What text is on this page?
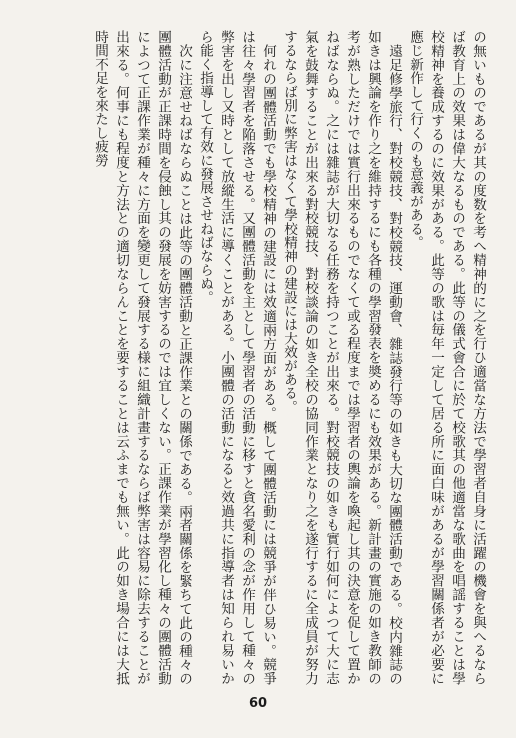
の無いものであるが其の度数を考へ精神的に之を行ひ適當な方法で學習者自身に活躍の機會を與へるならば教育上の效果は偉大なるものである。此等の儀式會合に於て校歌其の他適當な歌曲を唱謡することは學校精神を養成するのに效果がある。此等の歌は毎年一定して居る所に面白味があるが學習關係者が必要に應じ新作して行くのも意義がある。

遠足修學旅行、對校競技、對校競技、運動會、雜誌發行等の如きも大切な團體活動である。校内雜誌の如きは興論を作り之を維持するにも各種の學習發表を奬めるにも效果がある。新計畫の實施の如き教師の考が熟しただけでは實行出來るものでなくて或る程度までは學習者の輿論を喚起し其の決意を促して置かねばならぬ。之には雜誌が大切なる任務を持つことが出來る。對校競技の如きも實行如何によつて大に志氣を鼓舞することが出來る對校競技、對校談論の如き全校の協同作業となり之を遂行するに全成員が努力するならば別に弊害はなくて學校精神の建設には大效がある。

何れの團體活動でも學校精神の建設には效適兩方面がある。概して團體活動には競爭が伴ひ易い。競爭は往々學習者を陥落させる。又團體活動を主として學習者の活動に移すと貪名愛利の念が作用して種々の弊害を出し又時として放縱生活に導くことがある。小團體の活動になると效過共に指導者は知られ易いから能く指導して有效に發展させねばならぬ。

次に注意せねばならぬことは此等の團體活動と正課作業との關係である。兩者關係を緊ちて此の種々の團體活動が正課時間を侵蝕し其の發展を妨害するのでは宜しくない。正課作業が學習化し種々の團體活動によつて正課作業が種々に方面を變更して發展する様に組織計畫するならば弊害は容易に除去することが出來る。何事にも程度と方法との適切ならんことを要することは云ふまでも無い。此の如き場合には大抵時間不足を來たし疲勞

60
